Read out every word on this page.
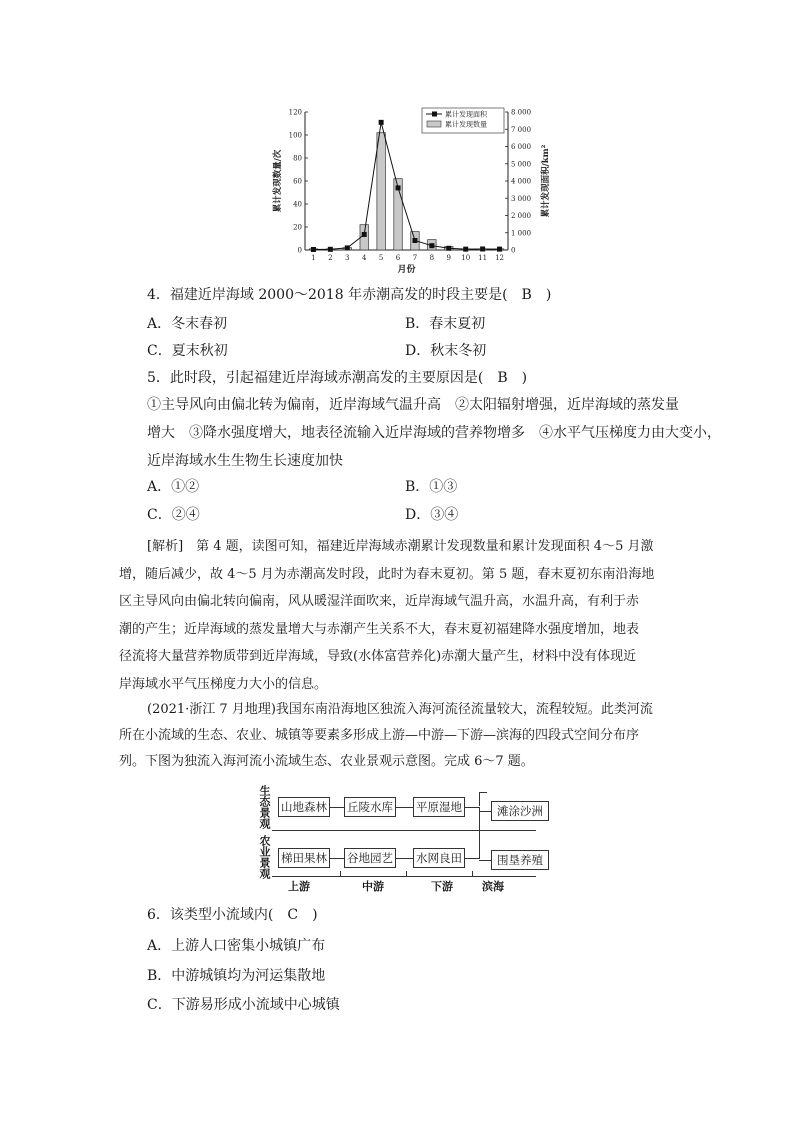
0
20
40
60
80
100
120
0
1 000
2 000
3 000
4 000
5 000
6 000
7 000
8 000
1 2 3 4 5 6 7 8 9 10 11 12
月份
累计发现数量/次	累计发现面积/km²
累计发现面积
累计发现数量
4．福建近岸海域 2000～2018 年赤潮高发的时段主要是(　B　)
A．冬末春初	B．春末夏初
C．夏末秋初	D．秋末冬初
5．此时段，引起福建近岸海域赤潮高发的主要原因是(　B　)
①主导风向由偏北转为偏南，近岸海域气温升高　②太阳辐射增强，近岸海域的蒸发量
增大　③降水强度增大，地表径流输入近岸海域的营养物增多　④水平气压梯度力由大变小，
近岸海域水生生物生长速度加快
A．①②	B．①③
C．②④	D．③④
[解析]　第 4 题，读图可知，福建近岸海域赤潮累计发现数量和累计发现面积 4～5 月激
增，随后减少，故 4～5 月为赤潮高发时段，此时为春末夏初。第 5 题，春末夏初东南沿海地
区主导风向由偏北转向偏南，风从暖湿洋面吹来，近岸海域气温升高，水温升高，有利于赤
潮的产生；近岸海域的蒸发量增大与赤潮产生关系不大，春末夏初福建降水强度增加，地表
径流将大量营养物质带到近岸海域，导致(水体富营养化)赤潮大量产生，材料中没有体现近
岸海域水平气压梯度力大小的信息。
(2021·浙江 7 月地理)我国东南沿海地区独流入海河流径流量较大，流程较短。此类河流
所在小流域的生态、农业、城镇等要素多形成上游—中游—下游—滨海的四段式空间分布序
列。下图为独流入海河流小流域生态、农业景观示意图。完成 6～7 题。
生态景观
农业景观
山地森林 丘陵水库 平原湿地	滩涂沙洲
梯田果林 谷地园艺 水网良田	围垦养殖
上游	中游	下游	滨海
6．该类型小流域内(　C　)
A．上游人口密集小城镇广布
B．中游城镇均为河运集散地
C．下游易形成小流域中心城镇
